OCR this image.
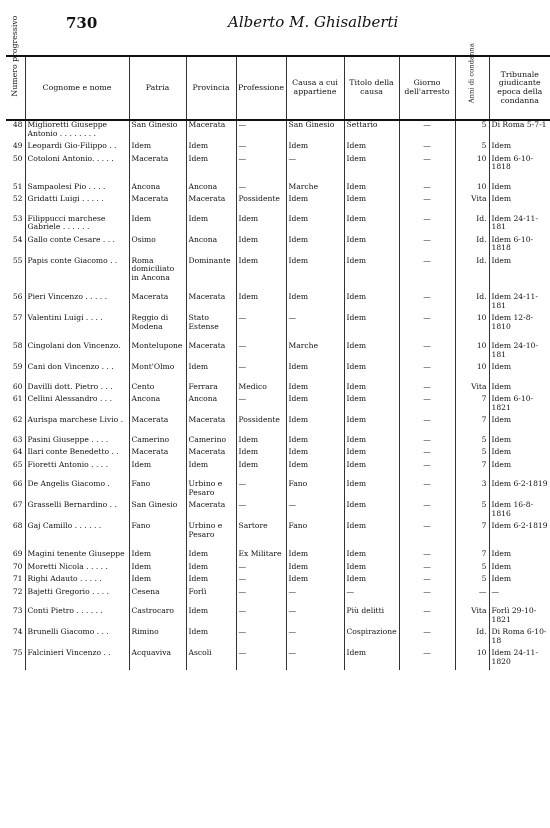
730	Alberto M. Ghisalberti
Numero progressivo	Cognome e nome	Patria	Provincia	Professione	Causa a cui appartiene	Titolo della causa	Giorno dell'arresto	Anni di condanna	Tribunale giudicante epoca della condanna
48	Miglioretti Giuseppe Antonio . . . . . . . .	San Ginesio	Macerata	—	San Ginesio	Settario	—	5	Di Roma 5-7-1
49	Leopardi Gio-Filippo . .	Idem	Idem	—	Idem	Idem	—	5	Idem
50	Cotoloni Antonio. . . . .	Macerata	Idem	—	—	Idem	—	10	Idem 6-10-1818

51	Sampaolesi Pio . . . .	Ancona	Ancona	—	Marche	Idem	—	10	Idem
52	Gridatti Luigi . . . . .	Macerata	Macerata	Possidente	Idem	Idem	—	Vita	Idem

53	Filippucci marchese Gabriele . . . . . .	Idem	Idem	Idem	Idem	Idem	—	Id.	Idem 24-11-181
54	Gallo conte Cesare . . .	Osimo	Ancona	Idem	Idem	Idem	—	Id.	Idem 6-10-1818
55	Papis conte Giacomo . .	Roma domiciliato in Ancona	Dominante	Idem	Idem	Idem	—	Id.	Idem

56	Pieri Vincenzo . . . . .	Macerata	Macerata	Idem	Idem	Idem	—	Id.	Idem 24-11-181
57	Valentini Luigi . . . .	Reggio di Modena	Stato Estense	—	—	Idem	—	10	Idem 12-8-1810

58	Cingolani don Vincenzo.	Montelupone	Macerata	—	Marche	Idem	—	10	Idem 24-10-181
59	Cani don Vincenzo . . .	Mont'Olmo	Idem	—	Idem	Idem	—	10	Idem

60	Davilli dott. Pietro . . .	Cento	Ferrara	Medico	Idem	Idem	—	Vita	Idem
61	Cellini Alessandro . . .	Ancona	Ancona	—	Idem	Idem	—	7	Idem 6-10-1821
62	Aurispa marchese Livio .	Macerata	Macerata	Possidente	Idem	Idem	—	7	Idem

63	Pasini Giuseppe . . . .	Camerino	Camerino	Idem	Idem	Idem	—	5	Idem
64	Ilari conte Benedetto . .	Macerata	Macerata	Idem	Idem	Idem	—	5	Idem
65	Fioretti Antonio . . . .	Idem	Idem	Idem	Idem	Idem	—	7	Idem

66	De Angelis Giacomo .	Fano	Urbino e Pesaro	—	Fano	Idem	—	3	Idem 6-2-1819
67	Grasselli Bernardino . .	San Ginesio	Macerata	—	—	Idem	—	5	Idem 16-8-1816
68	Gaj Camillo . . . . . .	Fano	Urbino e Pesaro	Sartore	Fano	Idem	—	7	Idem 6-2-1819

69	Magini tenente Giuseppe	Idem	Idem	Ex Militare	Idem	Idem	—	7	Idem
70	Moretti Nicola . . . . .	Idem	Idem	—	Idem	Idem	—	5	Idem
71	Righi Adauto . . . . .	Idem	Idem	—	Idem	Idem	—	5	Idem
72	Bajetti Gregorio . . . .	Cesena	Forlì	—	—	—	—	—	—

73	Conti Pietro . . . . . .	Castrocaro	Idem	—	—	Più delitti	—	Vita	Forlì 29-10-1821
74	Brunelli Giacomo . . .	Rimino	Idem	—	—	Cospirazione	—	Id.	Di Roma 6-10-18
75	Falcinieri Vincenzo . .	Acquaviva	Ascoli	—	—	Idem	—	10	Idem 24-11-1820
